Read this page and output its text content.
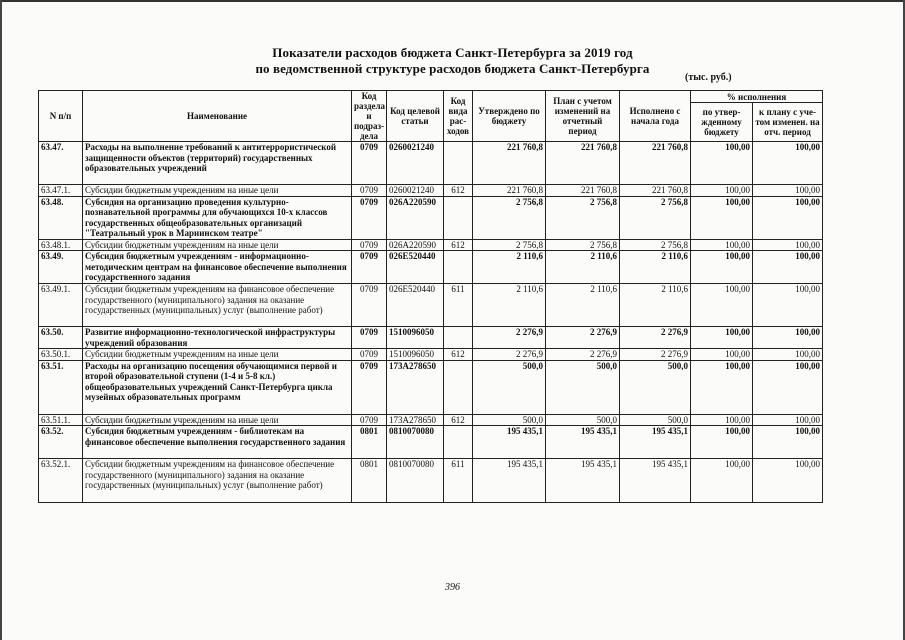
Показатели расходов бюджета Санкт-Петербурга за 2019 год
по ведомственной структуре расходов бюджета Санкт-Петербурга
(тыс. руб.)
N п/п	Наименование	Код раздела и подраз-дела	Код целевой статьи	Код вида рас-ходов	Утверждено по бюджету	План с учетом изменений на отчетный период	Исполнено с начала года	% исполнения	
								по утвер-жденному бюджету	к плану с уче-том изменен. на отч. период
63.47.	Расходы на выполнение требований к антитеррористической защищенности объектов (территорий) государственных образовательных учреждений	0709	0260021240		221 760,8	221 760,8	221 760,8	100,00	100,00
63.47.1.	Субсидии бюджетным учреждениям на иные цели	0709	0260021240	612	221 760,8	221 760,8	221 760,8	100,00	100,00
63.48.	Субсидия на организацию проведения культурно-познавательной программы для обучающихся 10-х классов государственных общеобразовательных организаций "Театральный урок в Мариинском театре"	0709	026А220590		2 756,8	2 756,8	2 756,8	100,00	100,00
63.48.1.	Субсидии бюджетным учреждениям на иные цели	0709	026А220590	612	2 756,8	2 756,8	2 756,8	100,00	100,00
63.49.	Субсидия бюджетным учреждениям - информационно-методическим центрам на финансовое обеспечение выполнения государственного задания	0709	026Е520440		2 110,6	2 110,6	2 110,6	100,00	100,00
63.49.1.	Субсидии бюджетным учреждениям на финансовое обеспечение государственного (муниципального) задания на оказание государственных (муниципальных) услуг (выполнение работ)	0709	026Е520440	611	2 110,6	2 110,6	2 110,6	100,00	100,00
63.50.	Развитие информационно-технологической инфраструктуры учреждений образования	0709	1510096050		2 276,9	2 276,9	2 276,9	100,00	100,00
63.50.1.	Субсидии бюджетным учреждениям на иные цели	0709	1510096050	612	2 276,9	2 276,9	2 276,9	100,00	100,00
63.51.	Расходы на организацию посещения обучающимися первой и второй образовательной ступени (1-4 и 5-8 кл.) общеобразовательных учреждений Санкт-Петербурга цикла музейных образовательных программ	0709	173А278650		500,0	500,0	500,0	100,00	100,00
63.51.1.	Субсидии бюджетным учреждениям на иные цели	0709	173А278650	612	500,0	500,0	500,0	100,00	100,00
63.52.	Субсидия бюджетным учреждениям - библиотекам на финансовое обеспечение выполнения государственного задания	0801	0810070080		195 435,1	195 435,1	195 435,1	100,00	100,00
63.52.1.	Субсидии бюджетным учреждениям на финансовое обеспечение государственного (муниципального) задания на оказание государственных (муниципальных) услуг (выполнение работ)	0801	0810070080	611	195 435,1	195 435,1	195 435,1	100,00	100,00
396
